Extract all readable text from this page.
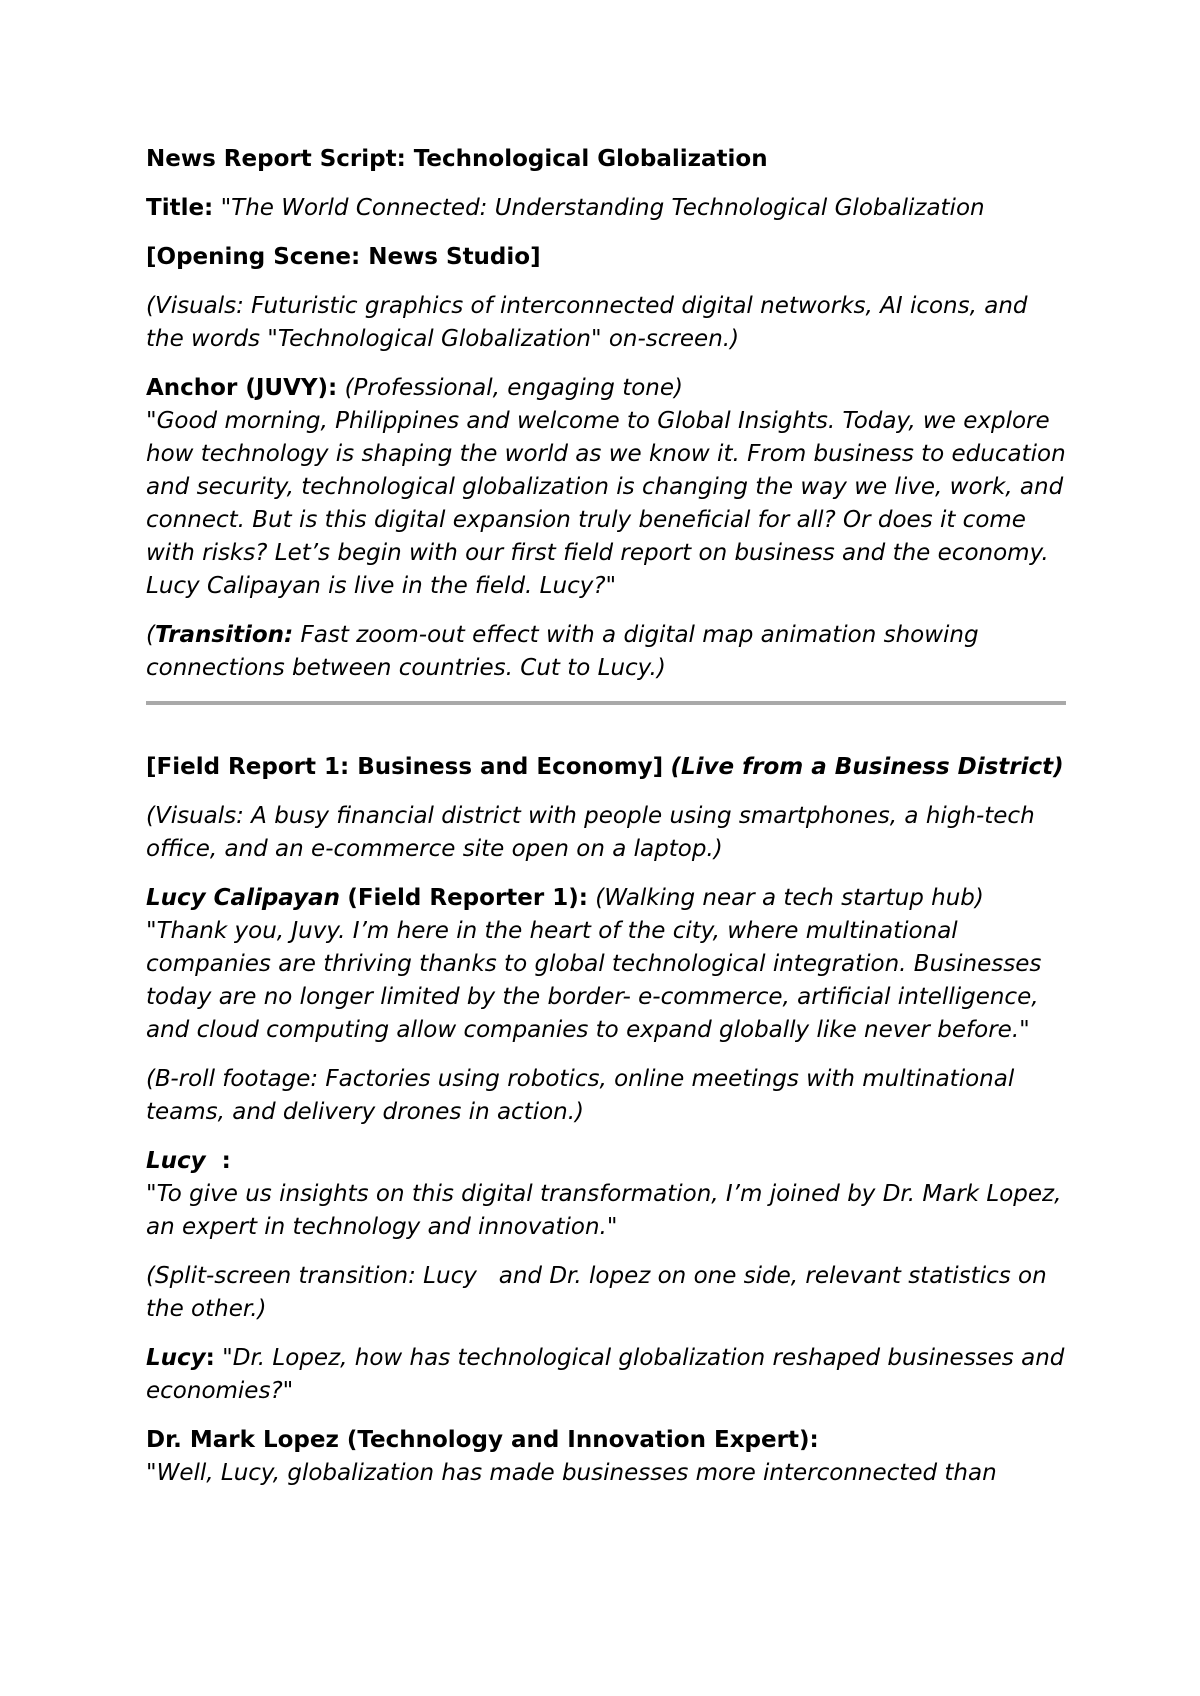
News Report Script: Technological Globalization

Title: "The World Connected: Understanding Technological Globalization

[Opening Scene: News Studio]

(Visuals: Futuristic graphics of interconnected digital networks, AI icons, and the words "Technological Globalization" on-screen.)

Anchor (JUVY): (Professional, engaging tone)
"Good morning, Philippines and welcome to Global Insights. Today, we explore how technology is shaping the world as we know it. From business to education and security, technological globalization is changing the way we live, work, and connect. But is this digital expansion truly beneficial for all? Or does it come with risks? Let’s begin with our first field report on business and the economy. Lucy Calipayan is live in the field. Lucy?"

(Transition: Fast zoom-out effect with a digital map animation showing connections between countries. Cut to Lucy.)

[Field Report 1: Business and Economy] (Live from a Business District)

(Visuals: A busy financial district with people using smartphones, a high-tech office, and an e-commerce site open on a laptop.)

Lucy Calipayan (Field Reporter 1): (Walking near a tech startup hub)
"Thank you, Juvy. I’m here in the heart of the city, where multinational companies are thriving thanks to global technological integration. Businesses today are no longer limited by the border- e-commerce, artificial intelligence, and cloud computing allow companies to expand globally like never before."

(B-roll footage: Factories using robotics, online meetings with multinational teams, and delivery drones in action.)

Lucy  :
"To give us insights on this digital transformation, I’m joined by Dr. Mark Lopez, an expert in technology and innovation."

(Split-screen transition: Lucy   and Dr. lopez on one side, relevant statistics on the other.)

Lucy: "Dr. Lopez, how has technological globalization reshaped businesses and economies?"

Dr. Mark Lopez (Technology and Innovation Expert):
"Well, Lucy, globalization has made businesses more interconnected than
